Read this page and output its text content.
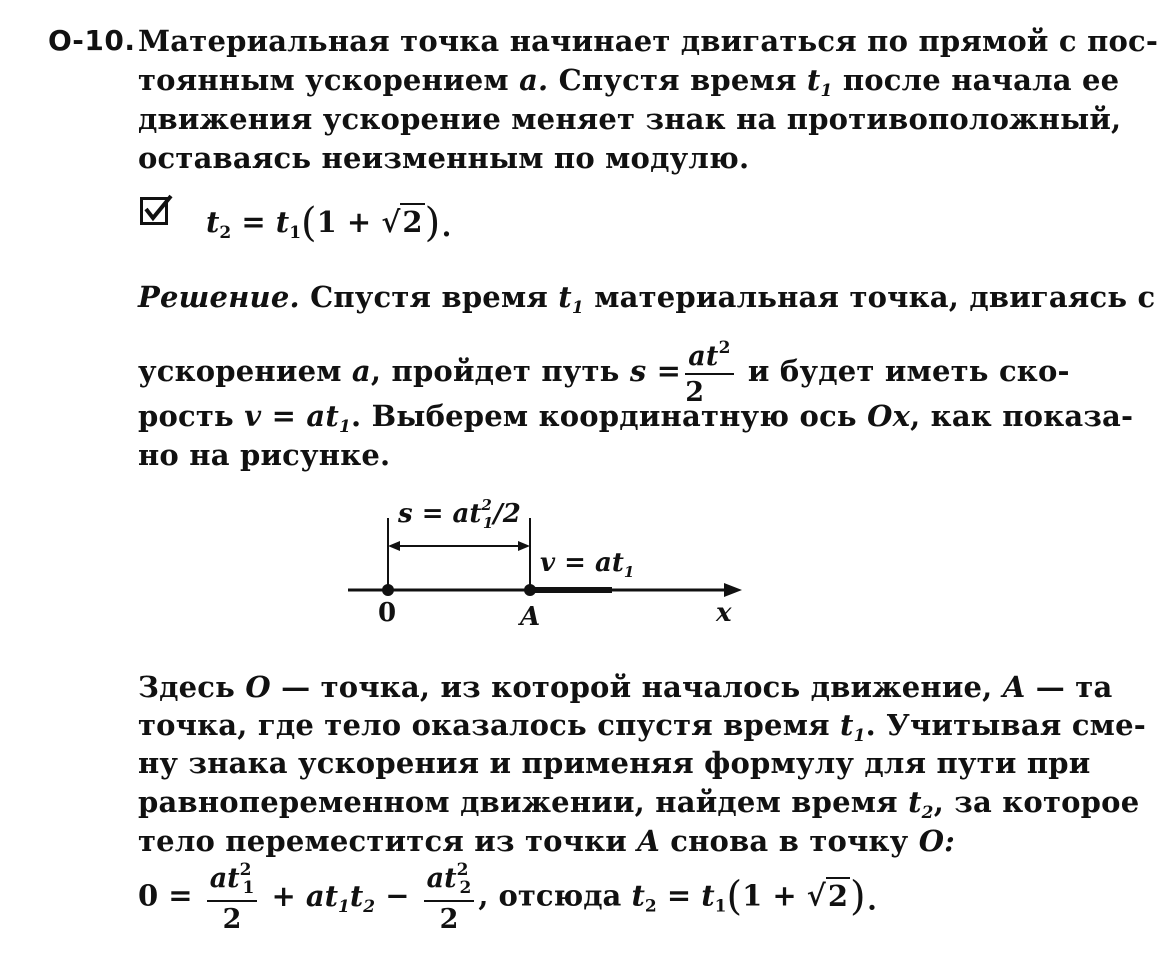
О-10. Материальная точка начинает двигаться по прямой с пос-
тоянным ускорением a. Спустя время $t_1$ после начала ее
движения ускорение меняет знак на противоположный,
оставаясь неизменным по модулю.
$t_2 = t_1(1 + √2)$.
Решение. Спустя время $t_1$ материальная точка, двигаясь с
ускорением a, пройдет путь $s = \frac{at^2}{2}$ и будет иметь ско-
рость $v = at_1$. Выберем координатную ось Ox, как показа-
но на рисунке.
$s = at^2_1/2$
$v = at_1$
0	A	x
Здесь O — точка, из которой началось движение, A — та
точка, где тело оказалось спустя время $t_1$. Учитывая сме-
ну знака ускорения и применяя формулу для пути при
равнопеременном движении, найдем время $t_2$, за которое
тело переместится из точки A снова в точку O:
$0 = \frac{at^2_1}{2} + at_1t_2 - \frac{at^2_2}{2}$ , отсюда $t_2 = t_1(1 + √2)$.
